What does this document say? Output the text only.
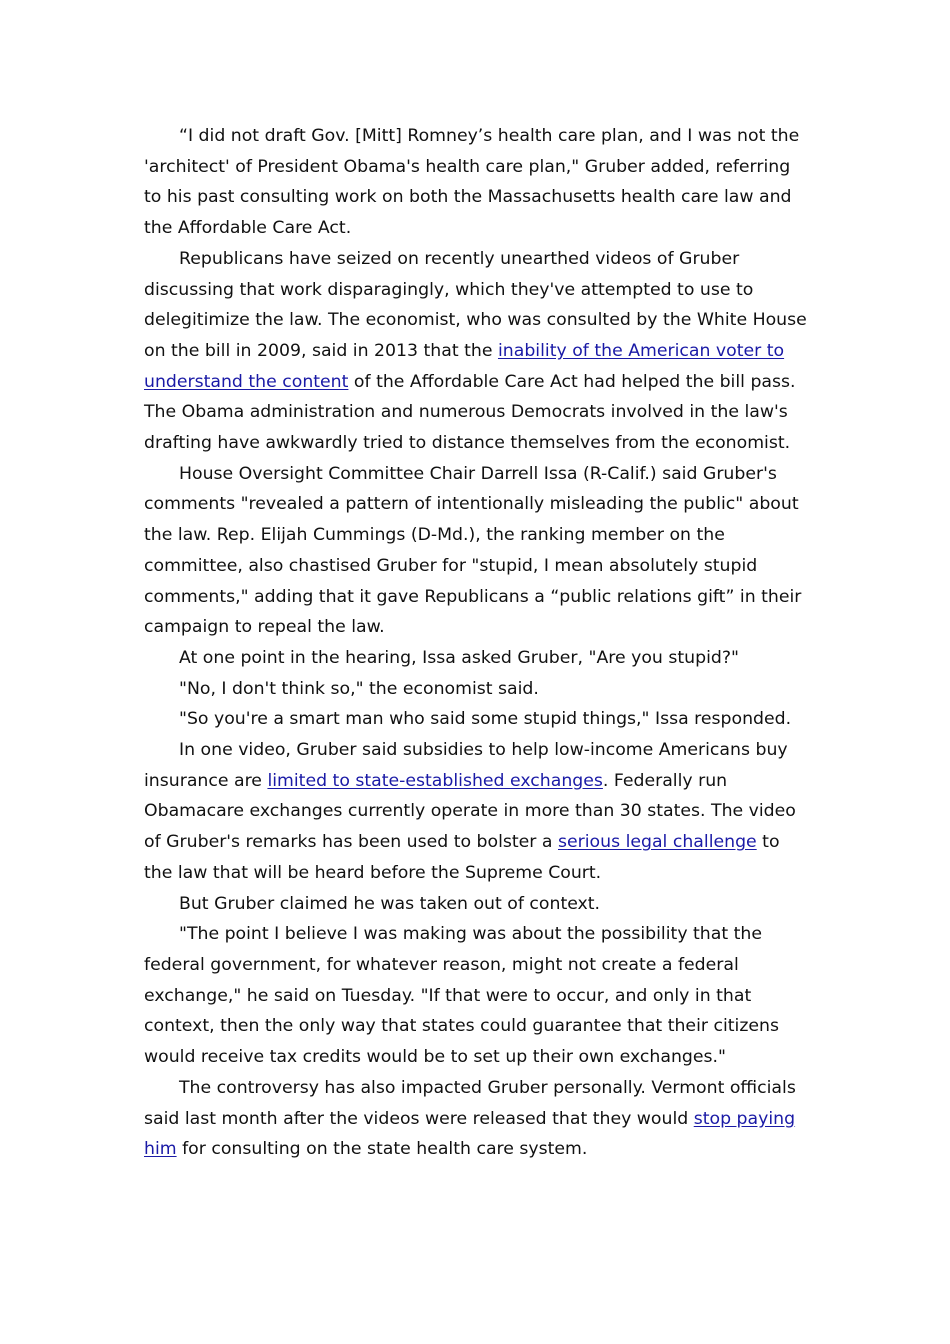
“I did not draft Gov. [Mitt] Romney’s health care plan, and I was not the 'architect' of President Obama's health care plan," Gruber added, referring to his past consulting work on both the Massachusetts health care law and the Affordable Care Act.

Republicans have seized on recently unearthed videos of Gruber discussing that work disparagingly, which they've attempted to use to delegitimize the law. The economist, who was consulted by the White House on the bill in 2009, said in 2013 that the inability of the American voter to understand the content of the Affordable Care Act had helped the bill pass. The Obama administration and numerous Democrats involved in the law's drafting have awkwardly tried to distance themselves from the economist.

House Oversight Committee Chair Darrell Issa (R-Calif.) said Gruber's comments "revealed a pattern of intentionally misleading the public" about the law. Rep. Elijah Cummings (D-Md.), the ranking member on the committee, also chastised Gruber for "stupid, I mean absolutely stupid comments," adding that it gave Republicans a “public relations gift” in their campaign to repeal the law.

At one point in the hearing, Issa asked Gruber, "Are you stupid?"

"No, I don't think so," the economist said.

"So you're a smart man who said some stupid things," Issa responded.

In one video, Gruber said subsidies to help low-income Americans buy insurance are limited to state-established exchanges. Federally run Obamacare exchanges currently operate in more than 30 states. The video of Gruber's remarks has been used to bolster a serious legal challenge to the law that will be heard before the Supreme Court.

But Gruber claimed he was taken out of context.

"The point I believe I was making was about the possibility that the federal government, for whatever reason, might not create a federal exchange," he said on Tuesday. "If that were to occur, and only in that context, then the only way that states could guarantee that their citizens would receive tax credits would be to set up their own exchanges."

The controversy has also impacted Gruber personally. Vermont officials said last month after the videos were released that they would stop paying him for consulting on the state health care system.
